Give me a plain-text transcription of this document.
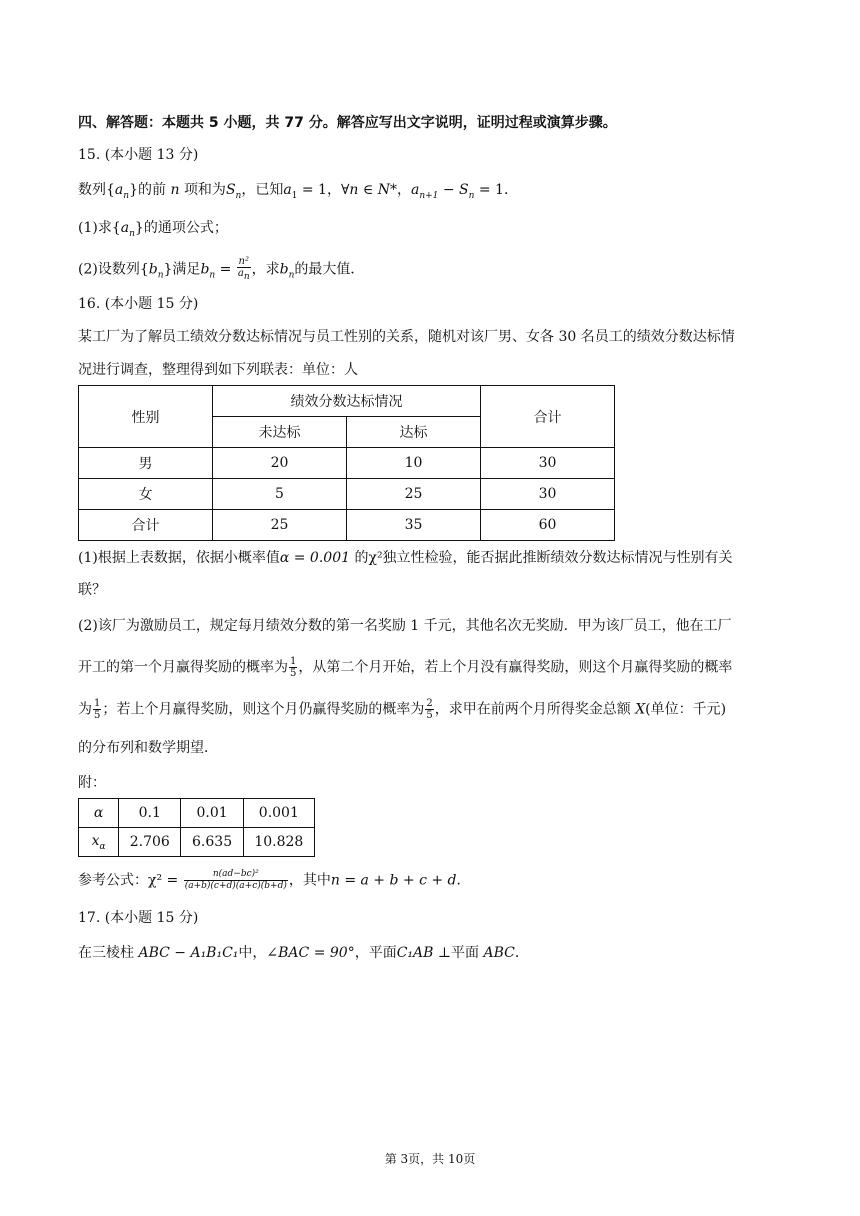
四、解答题：本题共 5 小题，共 77 分。解答应写出文字说明，证明过程或演算步骤。
15. (本小题 13 分)
数列$\{a_n\}$的前 n 项和为$S_n$，已知$a_1 = 1$，∀n ∈ N*，$a_{n+1} - S_n = 1$．
(1)求$\{a_n\}$的通项公式；
(2)设数列$\{b_n\}$满足$b_n = \frac{\text{n²}}{a_n}$ ，求$b_n$的最大值．
16. (本小题 15 分)
某工厂为了解员工绩效分数达标情况与员工性别的关系，随机对该厂男、女各 30 名员工的绩效分数达标情
况进行调查，整理得到如下列联表：单位：人
性别	绩效分数达标情况		合计
	未达标	达标	
男	20	10	30
女	5	25	30
合计	25	35	60
(1)根据上表数据，依据小概率值α = 0.001 的χ²独立性检验，能否据此推断绩效分数达标情况与性别有关
联？
(2)该厂为激励员工，规定每月绩效分数的第一名奖励 1 千元，其他名次无奖励．甲为该厂员工，他在工厂
开工的第一个月赢得奖励的概率为 $\frac{1}{5}$ ，从第二个月开始，若上个月没有赢得奖励，则这个月赢得奖励的概率
为 $\frac{1}{5}$ ；若上个月赢得奖励，则这个月仍赢得奖励的概率为 $\frac{2}{5}$ ，求甲在前两个月所得奖金总额 X(单位：千元)
的分布列和数学期望．
附：
α	0.1	0.01	0.001
$x_\alpha$	2.706	6.635	10.828
参考公式：$\chi^2 = \frac{\text{n(ad−bc)²}}{(a+b)(c+d)(a+c)(b+d)}$ ，其中n = a + b + c + d．
17. (本小题 15 分)
在三棱柱 ABC − A₁B₁C₁中，∠BAC = 90°，平面C₁AB ⊥平面 ABC．
第 3页，共 10页
